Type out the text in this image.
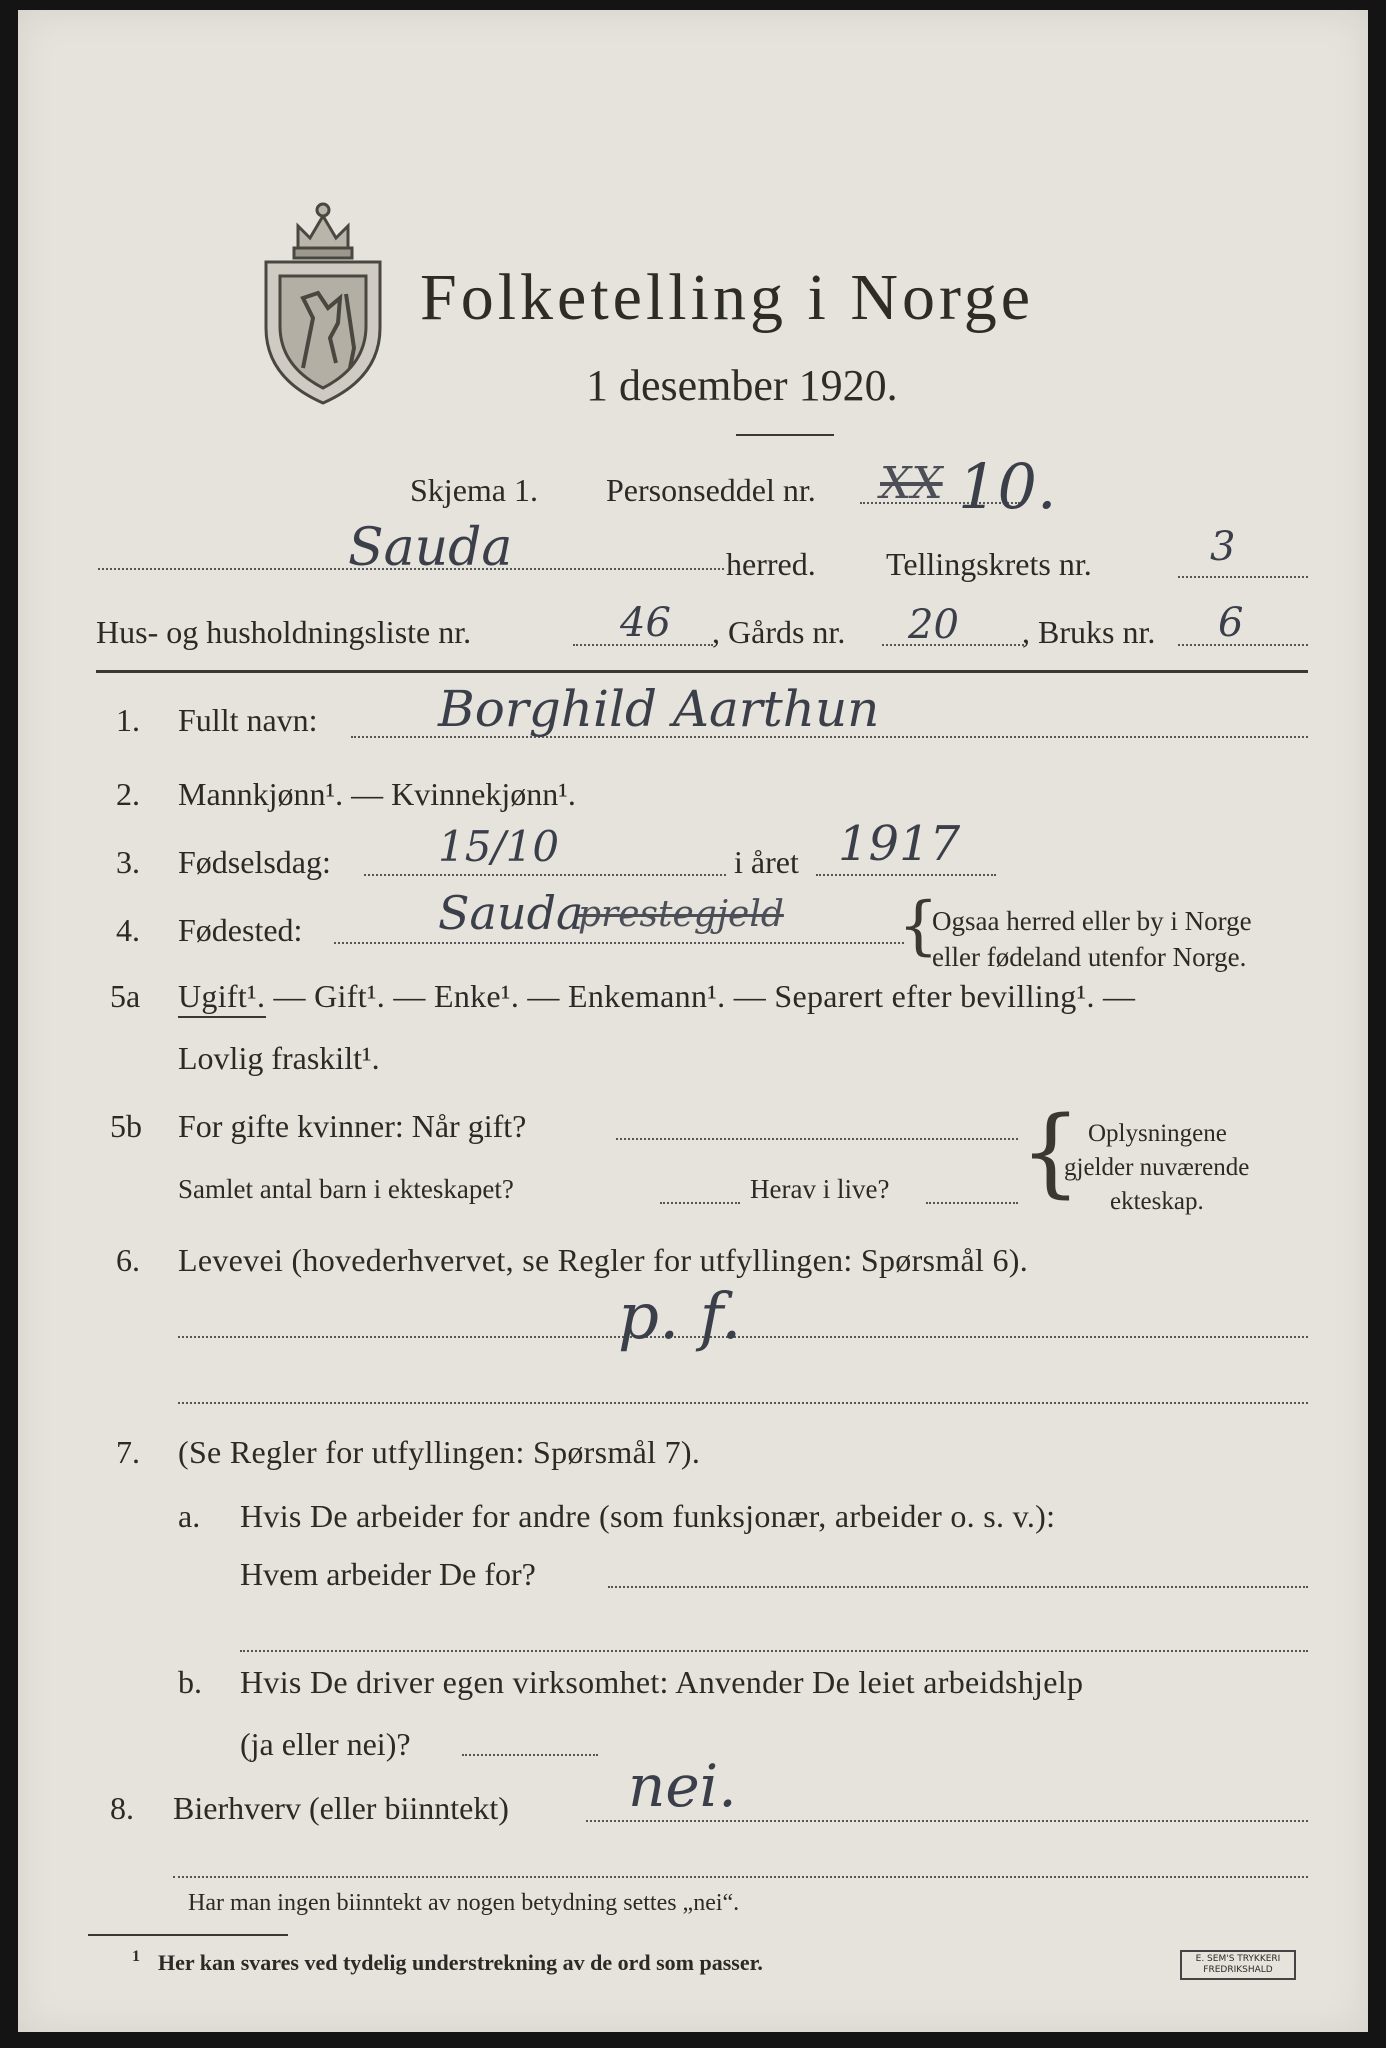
Folketelling i Norge
1 desember 1920.
Skjema 1. Personseddel nr. XX 10.
Sauda	herred. Tellingskrets nr.	3
Hus- og husholdningsliste nr.	46 , Gårds nr. 20 , Bruks nr. 6
1. Fullt navn: Borghild Aarthun
2. Mannkjønn¹. — Kvinnekjønn¹.
3. Fødselsdag:	15/10	i året 1917
4. Fødested:	Sauda
prestegjeld {
Ogsaa herred eller by i Norge
eller fødeland utenfor Norge.
5a Ugift¹. — Gift¹. — Enke¹. — Enkemann¹. — Separert efter bevilling¹. —
Lovlig fraskilt¹.
5b For gifte kvinner: Når gift?
Samlet antal barn i ekteskapet?	Herav i live? { Oplysningene
gjelder nuværende
ekteskap.
6. Levevei (hovederhvervet, se Regler for utfyllingen: Spørsmål 6).
p. f.
7. (Se Regler for utfyllingen: Spørsmål 7).
a. Hvis De arbeider for andre (som funksjonær, arbeider o. s. v.):
Hvem arbeider De for?
b. Hvis De driver egen virksomhet: Anvender De leiet arbeidshjelp
(ja eller nei)?
8. Bierhverv (eller biinntekt) nei.
Har man ingen biinntekt av nogen betydning settes „nei“.
1 Her kan svares ved tydelig understrekning av de ord som passer.	E. SEM'S TRYKKERI
FREDRIKSHALD
